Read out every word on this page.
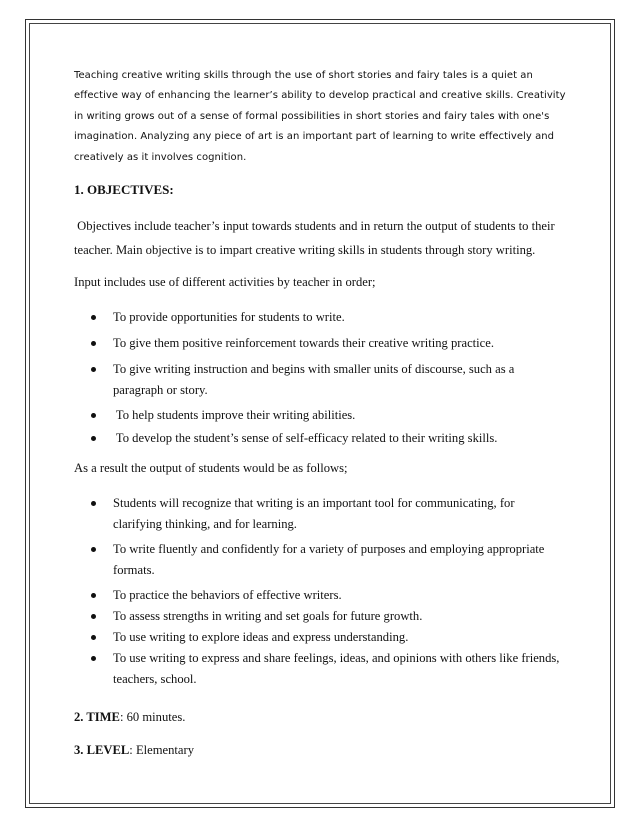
Teaching creative writing skills through the use of short stories and fairy tales is a quiet an
effective way of enhancing the learner’s ability to develop practical and creative skills. Creativity
in writing grows out of a sense of formal possibilities in short stories and fairy tales with one's
imagination. Analyzing any piece of art is an important part of learning to write effectively and
creatively as it involves cognition.
1. OBJECTIVES:
Objectives include teacher’s input towards students and in return the output of students to their
teacher. Main objective is to impart creative writing skills in students through story writing.
Input includes use of different activities by teacher in order;
To provide opportunities for students to write.
To give them positive reinforcement towards their creative writing practice.
To give writing instruction and begins with smaller units of discourse, such as a
paragraph or story.
To help students improve their writing abilities.
To develop the student’s sense of self-efficacy related to their writing skills.
As a result the output of students would be as follows;
Students will recognize that writing is an important tool for communicating, for
clarifying thinking, and for learning.
To write fluently and confidently for a variety of purposes and employing appropriate
formats.
To practice the behaviors of effective writers.
To assess strengths in writing and set goals for future growth.
To use writing to explore ideas and express understanding.
To use writing to express and share feelings, ideas, and opinions with others like friends,
teachers, school.
2. TIME: 60 minutes.
3. LEVEL: Elementary
